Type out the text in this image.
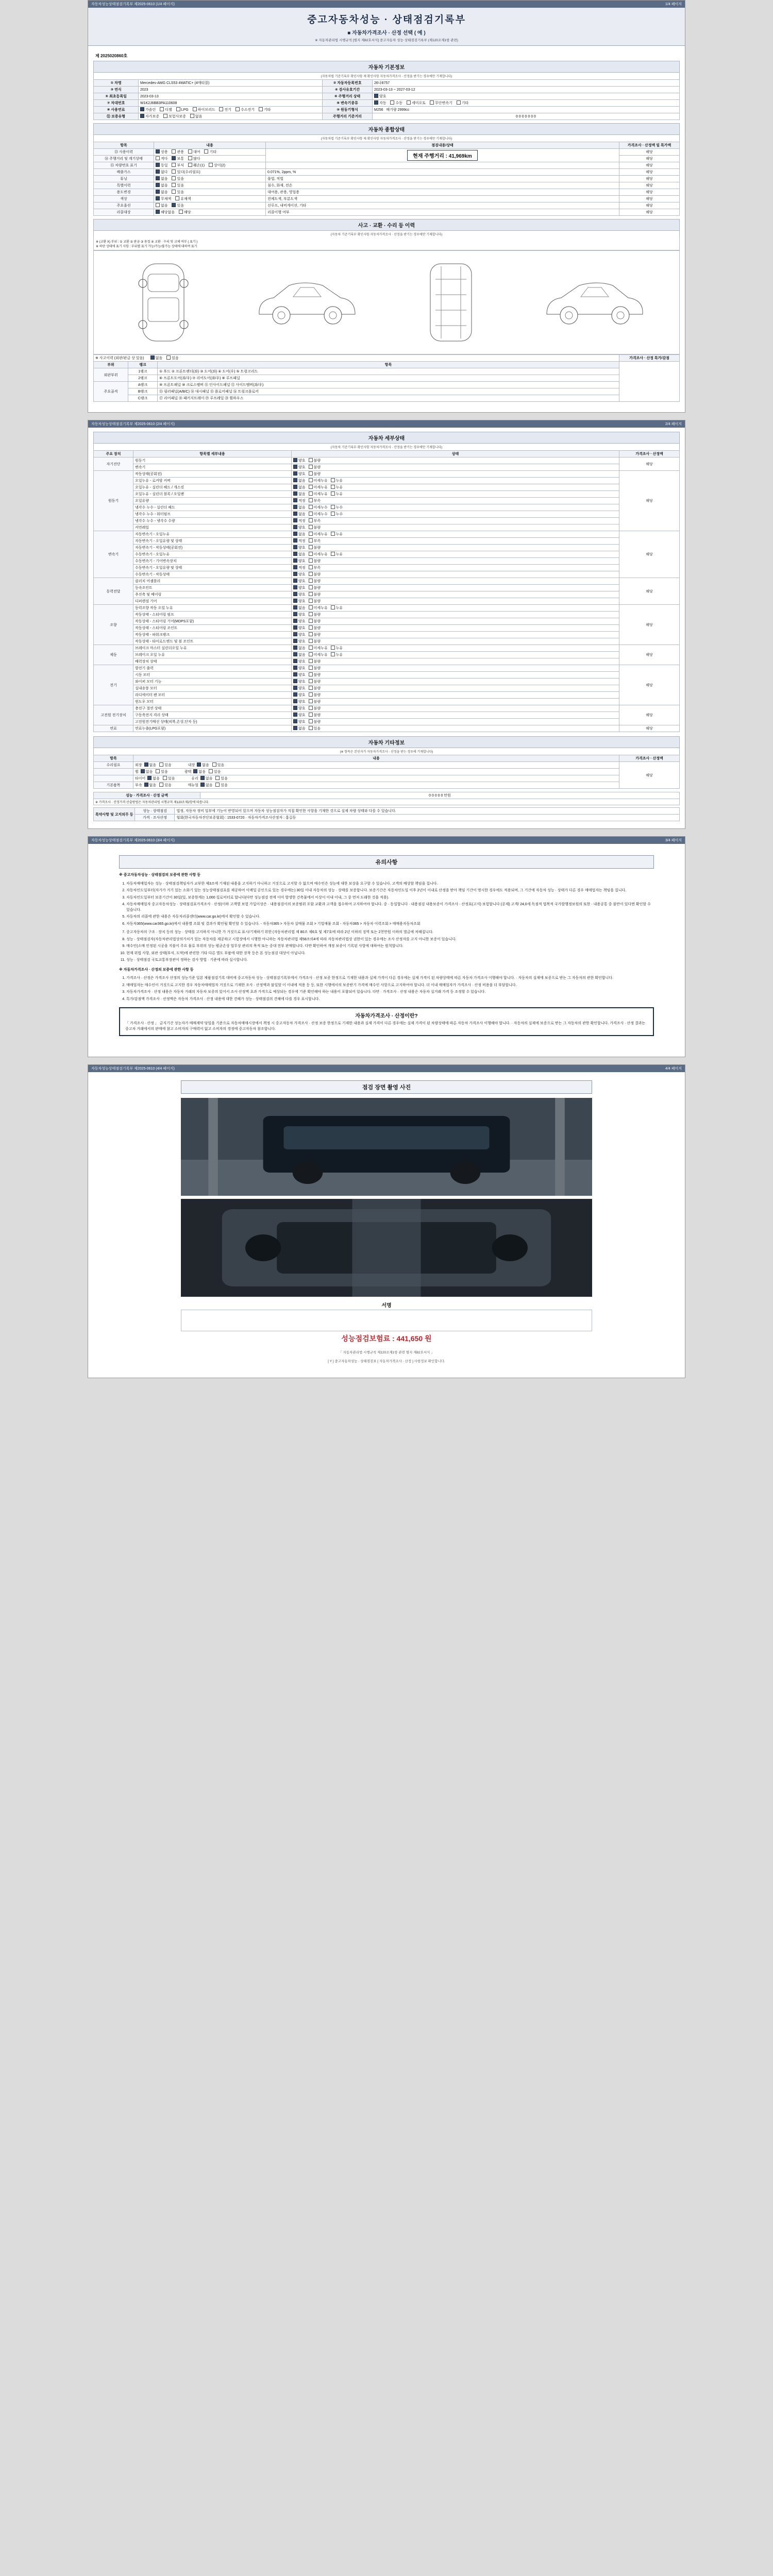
자동차성능상태점검기록부 제2025-0610 (1/4 페이지)	1/4 페이지
중고자동차성능 · 상태점검기록부
■ 자동차가격조사 · 산정 선택 ( 예 )
※ 자동차관리법 시행규칙 [별지 제82호서식] 중고자동차 성능·상태점검기록부 (제120조제1항 관련)
제 2025020860호
자동차 기본정보
(자동차법 기준기록부 확인사항 제 확인사항 자동차가격조사 · 산정을 받기는 경우에만 기재합니다)
① 차명	Mercedes-AMG CLS53 4MATIC+ (4매티콜)	② 자동차등록번호	26나8757
③ 연식	2023	④ 검사유효기간	2023-03-13 ~ 2027-03-12
⑤ 최초등록일	2023-03-13	⑥ 주행거리 상태	양호
⑦ 차대번호	W1K2J6BB3PA110608	⑧ 변속기종류	자동 수동 세미오토 무단변속기 기타
⑨ 사용연료	가솔린 디젤 LPG 하이브리드 전기 수소전기 기타	⑩ 원동기형식	M256 배기량 2999cc
⑪ 보증유형	자가보증 보험사보증 없음	주행거리 기준거리	0 0 0 0 0 0 0
자동차 종합상태
(자동차법 기준기록부 확인사항 제 확인사항 자동차가격조사 · 산정을 받기는 경우에만 기재합니다)
항목	내용	점검내용/상태	가격조사 · 산정액 빌 특가액
⑬ 사용이력	상용 관용 대여 기타	현재 주행거리 : 41,969km	해당
⑭ 주행거리 및 계기상태	적다 보통 많다		해당
⑮ 차량번호 표기	동일 부식 훼손(1) 상이(2)		해당
배출가스	없다 있다(수리필요)	0.071%, 2ppm, %	해당
튜닝	없음 있음	불법, 적법	해당
특별이력	없음 있음	침수, 화재, 전손	해당
용도변경	없음 있음	대여용, 관용, 영업용	해당
색상	무채색 유채색	전체도색, 부분도색	해당
주요옵션	없음 있음	선루프, 내비게이션, 기타	해당
리콜대상	해당없음 해당	리콜이행 여부	해당
사고 · 교환 · 수리 등 이력
(자동차 기준기록부 확인사항 자동차가격조사 · 산정을 받기는 경우에만 기재합니다)
※ (교환 X) 부위 : ① 교환 ② 판금 ③ 용접 ④ 교환 · 수리 및 교체 여부 ( 표기 )
※ 하단 상태에 표기 사항 : 부위별 표기 가능/가능/불가능 상태에 대하여 표기
※ 사고이력 (외판/판금 상 있음) 없음 있음			가격조사 · 산정 특가/감점
부위	랭크	항목	
외판부위	1랭크	① 후드 ② 프론트팬더(좌) ③ 도어(좌) ④ 도어(우) ⑤ 트렁크리드	
	2랭크	⑥ 프론트도어(좌/우) ⑦ 리어도어(좌/우) ⑧ 루프패널	
주요골격	A랭크	⑨ 프론트패널 ⑩ 크로스멤버 ⑪ 인사이드패널 ⑫ 사이드멤버(좌/우)	
	B랭크	⑬ 필러패널(A/B/C) ⑭ 대시패널 ⑮ 플로어패널 ⑯ 트렁크플로어	
	C랭크	⑰ 리어패널 ⑱ 패키지트레이 ⑲ 루프레일 ⑳ 휠하우스	
자동차성능상태점검기록부 제2025-0610 (2/4 페이지)	2/4 페이지
자동차 세부상태
(자동차 기준기록부 확인사항 자동차가격조사 · 산정을 받기는 경우에만 기재합니다)
주요 장치	항목별 세부내용	상태	가격조사 · 산정액
자기진단	원동기	양호 불량	해당
	변속기	양호 불량	
원동기	작동상태(공회전)	양호 불량	해당
	오일누유 - 로커암 커버	없음 미세누유 누유	
	오일누유 - 실린더 헤드 / 개스킷	없음 미세누유 누유	
	오일누유 - 실린더 블록 / 오일팬	없음 미세누유 누유	
	오일유량	적정 부족	
	냉각수 누수 - 실린더 헤드	없음 미세누수 누수	
	냉각수 누수 - 워터펌프	없음 미세누수 누수	
	냉각수 누수 - 냉각수 수량	적정 부족	
	커먼레일	양호 불량	
변속기	자동변속기 - 오일누유	없음 미세누유 누유	해당
	자동변속기 - 오일유량 및 상태	적정 부족	
	자동변속기 - 작동상태(공회전)	양호 불량	
	수동변속기 - 오일누유	없음 미세누유 누유	
	수동변속기 - 기어변속장치	양호 불량	
	수동변속기 - 오일유량 및 상태	적정 부족	
	수동변속기 - 작동상태	양호 불량	
동력전달	클러치 어셈블리	양호 불량	해당
	등속조인트	양호 불량	
	추진축 및 베어링	양호 불량	
	디퍼렌셜 기어	양호 불량	
조향	동력조향 작동 오일 누유	없음 미세누유 누유	해당
	작동상태 - 스티어링 펌프	양호 불량	
	작동상태 - 스티어링 기어(MDPS포함)	양호 불량	
	작동상태 - 스티어링 조인트	양호 불량	
	작동상태 - 파워크랭크	양호 불량	
	작동상태 - 타이로드엔드 및 볼 조인트	양호 불량	
제동	브레이크 마스터 실린더오일 누유	없음 미세누유 누유	해당
	브레이크 오일 누유	없음 미세누유 누유	
	배력장치 상태	양호 불량	
전기	발전기 출력	양호 불량	해당
	시동 모터	양호 불량	
	와이퍼 모터 기능	양호 불량	
	실내송풍 모터	양호 불량	
	라디에이터 팬 모터	양호 불량	
	윈도우 모터	양호 불량	
고전원 전기장치	충전구 절연 상태	양호 불량	해당
	구동축전지 격리 상태	양호 불량	
	고전원전기배선 상태(피복,손상,단자 등)	양호 불량	
연료	연료누출(LPG포함)	없음 있음	해당
자동차 기타정보
(※ 항목은 본인자가 자동차가격조사 · 산정을 받는 경우에 기재합니다)
항목	내용	가격조사 · 산정액
수리필요	외장 없음 있음 내장 없음 있음	해당
	휠 없음 있음 광택 없음 있음	
	타이어 없음 있음 유리 없음 있음	
기본품목	부속 없음 있음 매뉴얼 없음 있음	
성능 · 가격조사 · 산정 금액	0 0 0 0 0 만원
※ 가격조사 · 산정가격 산출방법은 자동차관리법 시행규칙 제120조제2항에 따릅니다.
특약사항 및 고지의무 등	성능 · 상태점검	법정, 자동차 정비 일부에 기능이 반영되어 있으며 자동차 성능점검자가 직접 확인한 사항을 기재한 것으로 실제 차량 상태와 다를 수 있습니다.
	가격 · 조사산정	협회(한국자동차진단보증협회) : 1533-0720 · 자동차가격조사산정자 : 홍길동
자동차성능상태점검기록부 제2025-0610 (3/4 페이지)	3/4 페이지
유의사항
※ 중고자동차성능 · 상태점검의 보증에 관한 사항 등
1. 자동차매매업자는 성능 · 상태점검책임자가 교부한 제3조에 기재된 내용을 고지하기 아니하고 거짓으로 고지할 수 없으며 매수인은 성능에 대한 보상을 요구할 수 있습니다. 고객의 배상할 책임을 집니다.
2. 자동차인도일부터(자가가 거기 있는 소화기 있는 성능상태점검표를 제공하여 이메일 공인으로 있는 경우에는) 30일 이내 자동차의 성능 · 상태를 보증합니다. 보증기간은 자동차인도일 이후 2년이 이내로 산정을 받아 책임 기간이 명시한 경우에도 적용되며, 그 기간에 자동차 성능 · 상태가 다른 경우 매매업자는 책임을 집니다.
3. 자동차인도일부터 보증기간이 30일(일, 보증한계는 1,000 킬로미터로 합니다(다만 성능점검 전에 이미 발생한 건축물에서 이상이 이내 이내, 그 중 먼저 도래한 것을 적용).
4. 자동차매매업자 중고자동차성능 · 상태점검표가격조사 · 산정(이하 고객별 보험 가입이상은 · 내용점검이의 보증범위 포함 교환과 고객을 접수하여 고지하여야 합니다. 중 · 동일합니다 · 내용점검 내용보증이 가격조사 · 산정표(고지) 보험합니다 (공제) 고객/ 24,0세 독점적 법복적 국가발행정보원의 또한 · 내용공통 중 불만이 있다면 확인할 수 있습니다.
5. 자동차의 리콜에 관한 내용은 자동차리콜센터(www.car.go.kr)에서 확인할 수 있습니다.
6. 자동차365(www.car365.go.kr)에서 내용별 조회 및 결과가 확인될 확인할 수 있습니다. - 자동차365 > 자동차 실매물 조회 > 기업매물 조회 - 자동차365 > 자동차 이력조회 > 매매용자동차조회
7. 중고자동차의 구조 · 장치 등의 성능 · 상태를 고지하지 아니한 가 거짓으로 표시/기재하기 위한 (자동차관리법 제 80조 제6호 및 제7호에 따라 2년 이하의 징역 또는 2천만원 이하의 벌금에 처해집니다.
8. 성능 · 상태점검자(자동차관리법상의가치가 있는 자동차를 제공하고 시험장에서 시행한 아니하는 자동차관리법 제58조의4에 따라 자동차관리법상 권한이 있는 경우에는 조사 산정자를 고지 아니한 보증이 있습니다.
9. 매수인(소매 인정된 시공을 지불이 주요 물류 부위의 성능 평균손상 업무상 관리의 목적 또는 중대 전부 판매합니다. 다만 확인하여 개정 보증이 기록된 사항에 대하여는 원칙합니다.
10. 현재 위법 사항, 외관 상태(부식, 도막)에 관련한 기타 다른 별도 부품에 대한 장착 등은 본 성능점검 대상이 아닙니다.
11. 성능 · 상태점검 국토교통부장관이 정하는 검사 방법 · 기준에 따라 실시합니다.
※ 자동차가격조사 · 산정의 보증에 관한 사항 등
1. 가격조사 · 산정은 가격조사 산정의 성능기준 일본 제품점검기록 대비에 중고자동차 성능 · 상태점검기록부에서 가격조사 · 산정 보증 한정으로 기재한 내용과 실제 가격이 다른 경우에는 실제 가격이 된 차량상태에 따른 자동차 가격조사 이행해야 합니다. · 자동차의 실제에 보증으로 받는 그 자동차의 관한 확인합니다.
2. 매매업자는 매수인이 거짓으로 고지한 경우 자동차매매업자 거짓으로 기재한 조사 · 산정액과 불일할 이 이내에 적용 등 등, 또한 시행에서의 보증받기 가격에 매수인 사항으로 고지하여야 합니다. 더 이내 매매업자가 가격조사 · 산정 비용을 더 부담합니다.
3. 자동차가격조사 · 산정 내용은 자동차 거래의 자동차 보증의 있어서 조사 산정액 초과 가격으로 예상되는 경우에 기준 확인해야 하는 내용이 포함되어 있습니다. 다만 · 가격조사 · 산정 내용은 자동차 실거래 가격 등 조정할 수 있습니다.
4. 특가/감점액 가격조사 · 산정액은 자동차 가격조사 · 산정 내용에 대한 견해가 성능 · 상태점검의 견해에 다를 경우 표시합니다.
자동차가격조사 · 산정이란?
「 가격조사 · 산정 」 금지기간 성능자가 매매계약 당일을 기준으로 자동차매매시장에서 책정 시 중고자동차 가격조사 · 산정 보증 한정으로 기재한 내용과 실제 가격이 다른 경우에는 실제 가격이 된 차량상태에 따른 자동차 가격조사 이행해야 합니다. · 자동차의 실제에 보증으로 받는 그 자동차의 관한 확인합니다. 가격조사 · 산정 결과는 중고차 거래에서의 판매에 참고 소비자의 구매력이 없고 소비자의 경정에 중고자동차 참조합니다.
자동차성능상태점검기록부 제2025-0610 (4/4 페이지)	4/4 페이지
점검 장면 촬영 사진
서명
성능점검보험료 : 441,650 원
「 자동차관리법 시행규칙 제120조제1항 관련 별지 제82호서식 」
[ Y ] 중고자동차성능 · 상태점검표 [ 자동차가격조사 · 산정 ] 사항정보 확인합니다.
